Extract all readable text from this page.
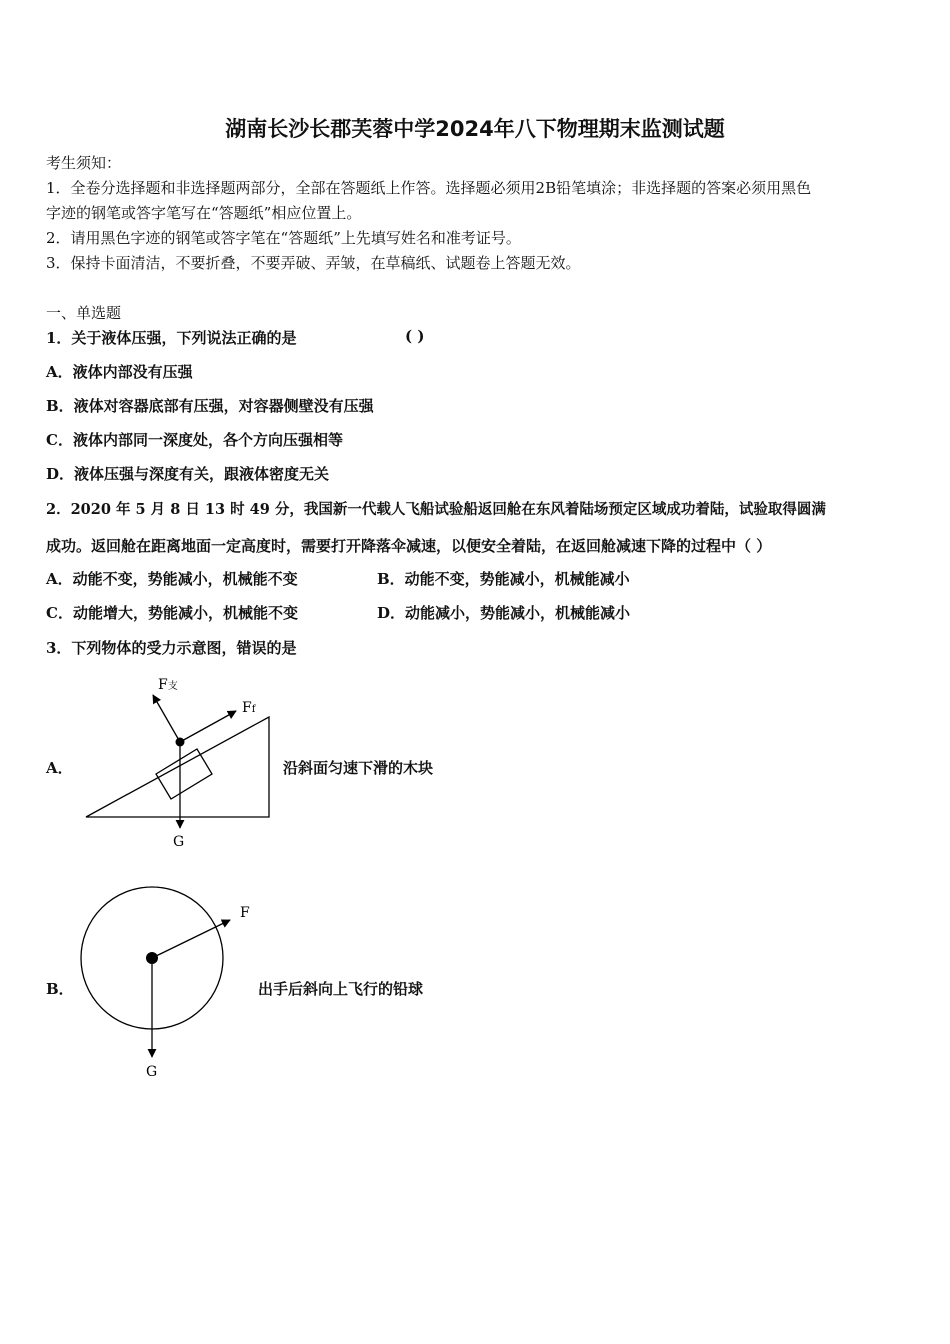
湖南长沙长郡芙蓉中学2024年八下物理期末监测试题
考生须知：
1．全卷分选择题和非选择题两部分，全部在答题纸上作答。选择题必须用2B铅笔填涂；非选择题的答案必须用黑色
字迹的钢笔或答字笔写在“答题纸”相应位置上。
2．请用黑色字迹的钢笔或答字笔在“答题纸”上先填写姓名和准考证号。
3．保持卡面清洁，不要折叠，不要弄破、弄皱，在草稿纸、试题卷上答题无效。
一、单选题
1．关于液体压强，下列说法正确的是	( )
A．液体内部没有压强
B．液体对容器底部有压强，对容器侧壁没有压强
C．液体内部同一深度处，各个方向压强相等
D．液体压强与深度有关，跟液体密度无关
2．2020 年 5 月 8 日 13 时 49 分，我国新一代载人飞船试验船返回舱在东风着陆场预定区域成功着陆，试验取得圆满
成功。返回舱在距离地面一定高度时，需要打开降落伞减速，以便安全着陆，在返回舱减速下降的过程中（ ）
A．动能不变，势能减小，机械能不变	B．动能不变，势能减小，机械能减小
C．动能增大，势能减小，机械能不变	D．动能减小，势能减小，机械能减小
3．下列物体的受力示意图，错误的是
A．
F支
Ff
G
沿斜面匀速下滑的木块
B．
F
G
出手后斜向上飞行的铅球
